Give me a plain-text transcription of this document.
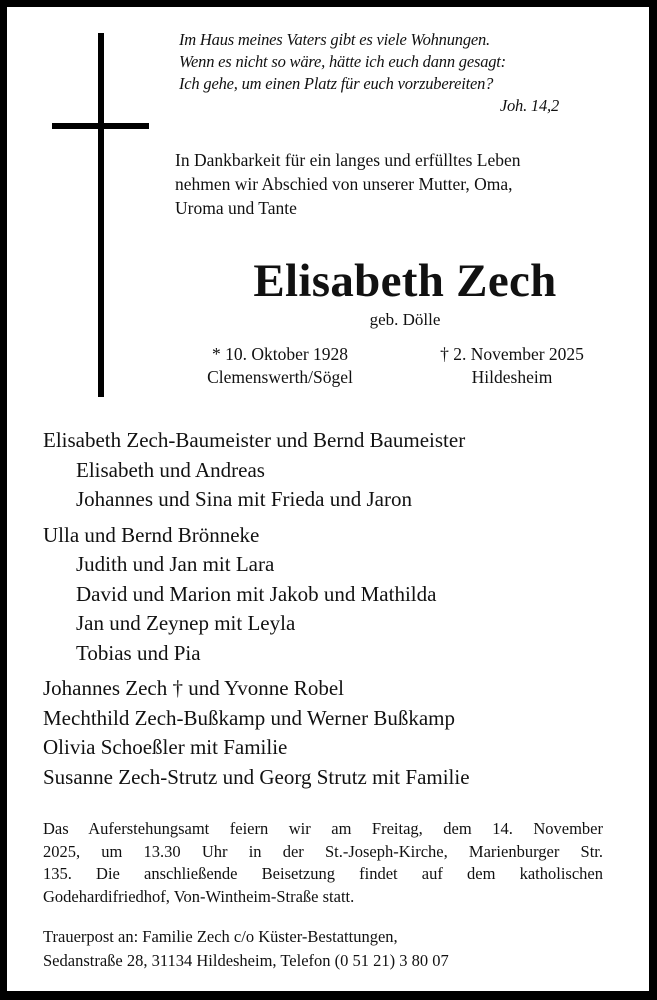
Im Haus meines Vaters gibt es viele Wohnungen.
Wenn es nicht so wäre, hätte ich euch dann gesagt:
Ich gehe, um einen Platz für euch vorzubereiten?
Joh. 14,2
In Dankbarkeit für ein langes und erfülltes Leben
nehmen wir Abschied von unserer Mutter, Oma,
Uroma und Tante
Elisabeth Zech
geb. Dölle
* 10. Oktober 1928
Clemenswerth/Sögel
† 2. November 2025
Hildesheim
Elisabeth Zech-Baumeister und Bernd Baumeister
Elisabeth und Andreas
Johannes und Sina mit Frieda und Jaron
Ulla und Bernd Brönneke
Judith und Jan mit Lara
David und Marion mit Jakob und Mathilda
Jan und Zeynep mit Leyla
Tobias und Pia
Johannes Zech † und Yvonne Robel
Mechthild Zech-Bußkamp und Werner Bußkamp
Olivia Schoeßler mit Familie
Susanne Zech-Strutz und Georg Strutz mit Familie
Das Auferstehungsamt feiern wir am Freitag, dem 14. November
2025, um 13.30 Uhr in der St.-Joseph-Kirche, Marienburger Str.
135. Die anschließende Beisetzung findet auf dem katholischen
Godehardifriedhof, Von-Wintheim-Straße statt.
Trauerpost an: Familie Zech c/o Küster-Bestattungen,
Sedanstraße 28, 31134 Hildesheim, Telefon (0 51 21) 3 80 07
